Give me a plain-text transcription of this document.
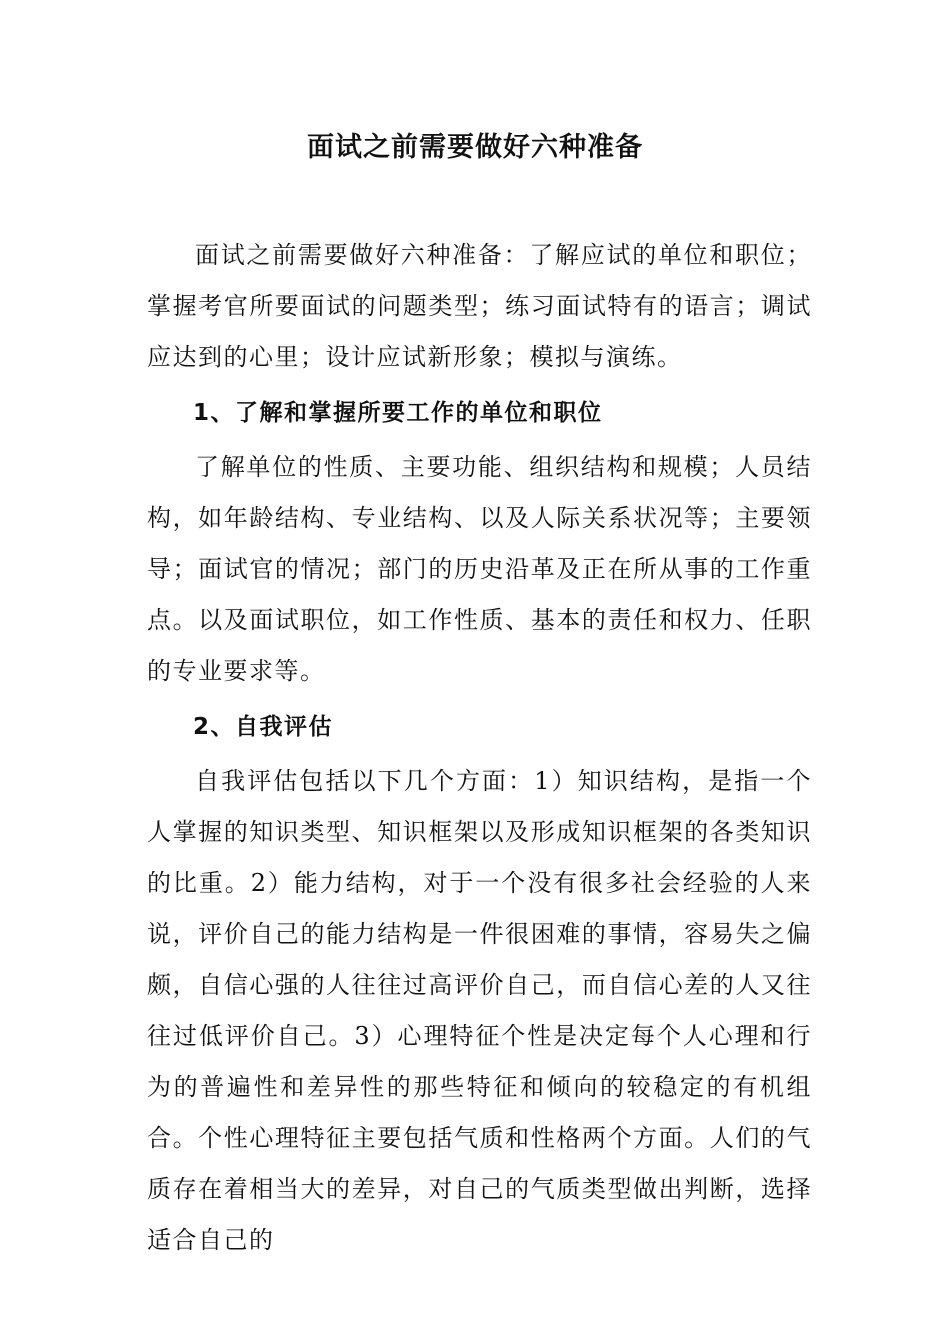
面试之前需要做好六种准备

面试之前需要做好六种准备：了解应试的单位和职位；掌握考官所要面试的问题类型；练习面试特有的语言；调试应达到的心里；设计应试新形象；模拟与演练。

1、了解和掌握所要工作的单位和职位

了解单位的性质、主要功能、组织结构和规模；人员结构，如年龄结构、专业结构、以及人际关系状况等；主要领导；面试官的情况；部门的历史沿革及正在所从事的工作重点。以及面试职位，如工作性质、基本的责任和权力、任职的专业要求等。

2、自我评估

自我评估包括以下几个方面：1）知识结构，是指一个人掌握的知识类型、知识框架以及形成知识框架的各类知识的比重。2）能力结构，对于一个没有很多社会经验的人来说，评价自己的能力结构是一件很困难的事情，容易失之偏颇，自信心强的人往往过高评价自己，而自信心差的人又往往过低评价自己。3）心理特征个性是决定每个人心理和行为的普遍性和差异性的那些特征和倾向的较稳定的有机组合。个性心理特征主要包括气质和性格两个方面。人们的气质存在着相当大的差异，对自己的气质类型做出判断，选择适合自己的
